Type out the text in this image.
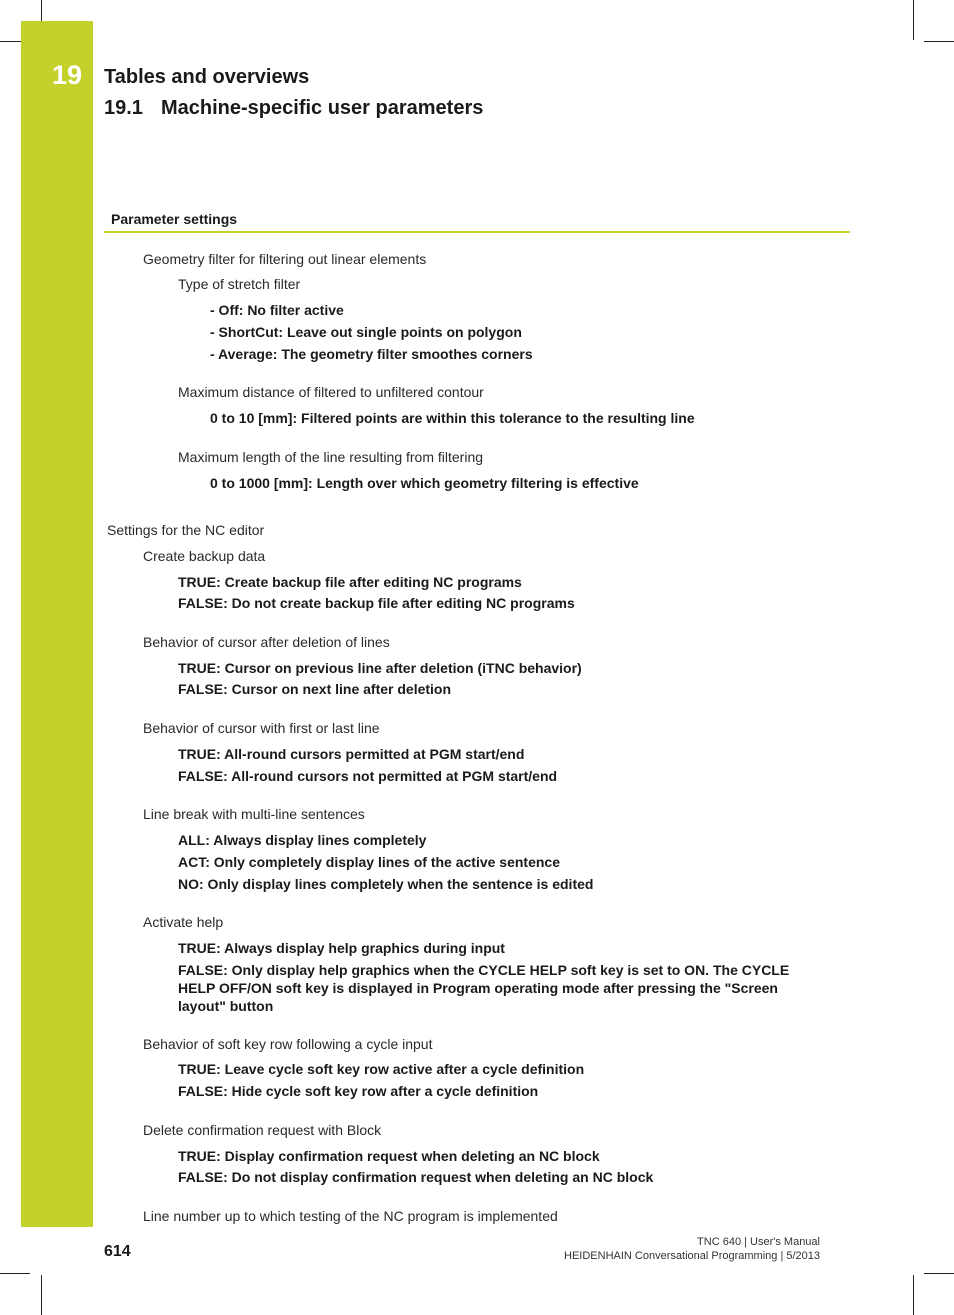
19 Tables and overviews
19.1 Machine-specific user parameters
Parameter settings
Geometry filter for filtering out linear elements
Type of stretch filter
- Off: No filter active
- ShortCut: Leave out single points on polygon
- Average: The geometry filter smoothes corners
Maximum distance of filtered to unfiltered contour
0 to 10 [mm]: Filtered points are within this tolerance to the resulting line
Maximum length of the line resulting from filtering
0 to 1000 [mm]: Length over which geometry filtering is effective
Settings for the NC editor
Create backup data
TRUE: Create backup file after editing NC programs
FALSE: Do not create backup file after editing NC programs
Behavior of cursor after deletion of lines
TRUE: Cursor on previous line after deletion (iTNC behavior)
FALSE: Cursor on next line after deletion
Behavior of cursor with first or last line
TRUE: All-round cursors permitted at PGM start/end
FALSE: All-round cursors not permitted at PGM start/end
Line break with multi-line sentences
ALL: Always display lines completely
ACT: Only completely display lines of the active sentence
NO: Only display lines completely when the sentence is edited
Activate help
TRUE: Always display help graphics during input
FALSE: Only display help graphics when the CYCLE HELP soft key is set to ON. The CYCLE HELP OFF/ON soft key is displayed in Program operating mode after pressing the "Screen layout" button
Behavior of soft key row following a cycle input
TRUE: Leave cycle soft key row active after a cycle definition
FALSE: Hide cycle soft key row after a cycle definition
Delete confirmation request with Block
TRUE: Display confirmation request when deleting an NC block
FALSE: Do not display confirmation request when deleting an NC block
Line number up to which testing of the NC program is implemented
614
TNC 640 | User's Manual
HEIDENHAIN Conversational Programming | 5/2013
